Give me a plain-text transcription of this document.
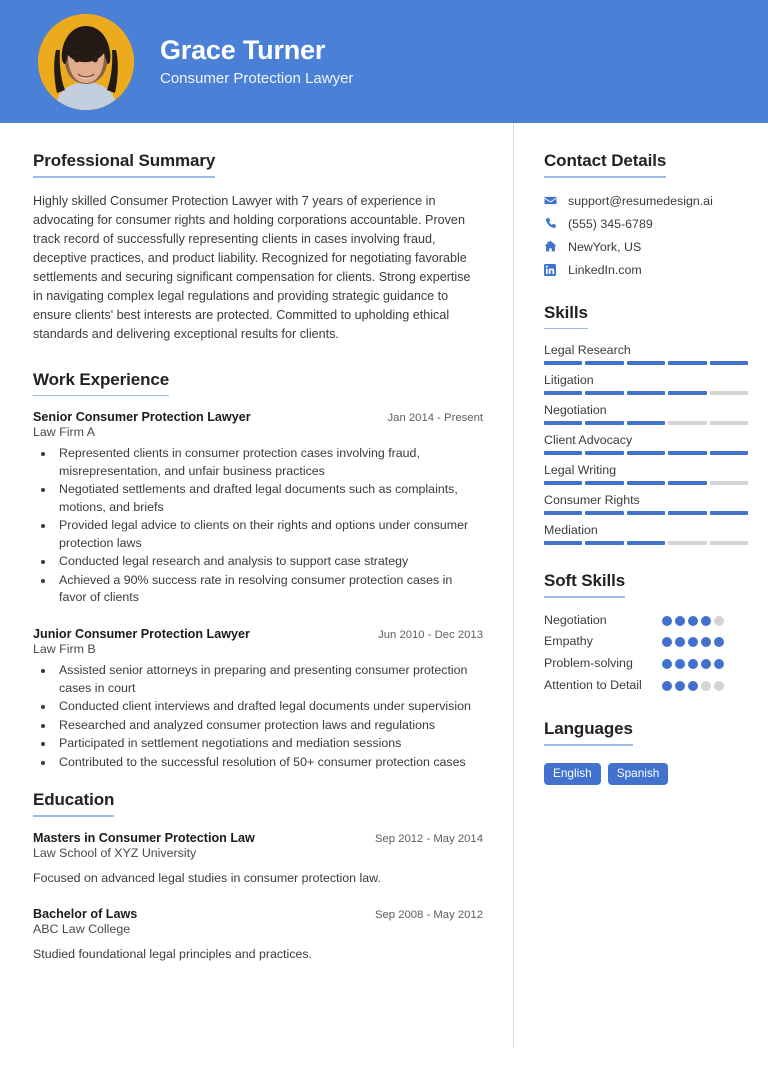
Grace Turner
Consumer Protection Lawyer
Professional Summary
Highly skilled Consumer Protection Lawyer with 7 years of experience in advocating for consumer rights and holding corporations accountable. Proven track record of successfully representing clients in cases involving fraud, deceptive practices, and product liability. Recognized for negotiating favorable settlements and securing significant compensation for clients. Strong expertise in navigating complex legal regulations and providing strategic guidance to ensure clients' best interests are protected. Committed to upholding ethical standards and delivering exceptional results for clients.
Work Experience
Senior Consumer Protection Lawyer	Jan 2014 - Present
Law Firm A
• Represented clients in consumer protection cases involving fraud, misrepresentation, and unfair business practices
• Negotiated settlements and drafted legal documents such as complaints, motions, and briefs
• Provided legal advice to clients on their rights and options under consumer protection laws
• Conducted legal research and analysis to support case strategy
• Achieved a 90% success rate in resolving consumer protection cases in favor of clients
Junior Consumer Protection Lawyer	Jun 2010 - Dec 2013
Law Firm B
• Assisted senior attorneys in preparing and presenting consumer protection cases in court
• Conducted client interviews and drafted legal documents under supervision
• Researched and analyzed consumer protection laws and regulations
• Participated in settlement negotiations and mediation sessions
• Contributed to the successful resolution of 50+ consumer protection cases
Education
Masters in Consumer Protection Law	Sep 2012 - May 2014
Law School of XYZ University
Focused on advanced legal studies in consumer protection law.
Bachelor of Laws	Sep 2008 - May 2012
ABC Law College
Studied foundational legal principles and practices.
Contact Details
support@resumedesign.ai
(555) 345-6789
NewYork, US
LinkedIn.com
Skills
Legal Research
Litigation
Negotiation
Client Advocacy
Legal Writing
Consumer Rights
Mediation
Soft Skills
Negotiation
Empathy
Problem-solving
Attention to Detail
Languages
English	Spanish
